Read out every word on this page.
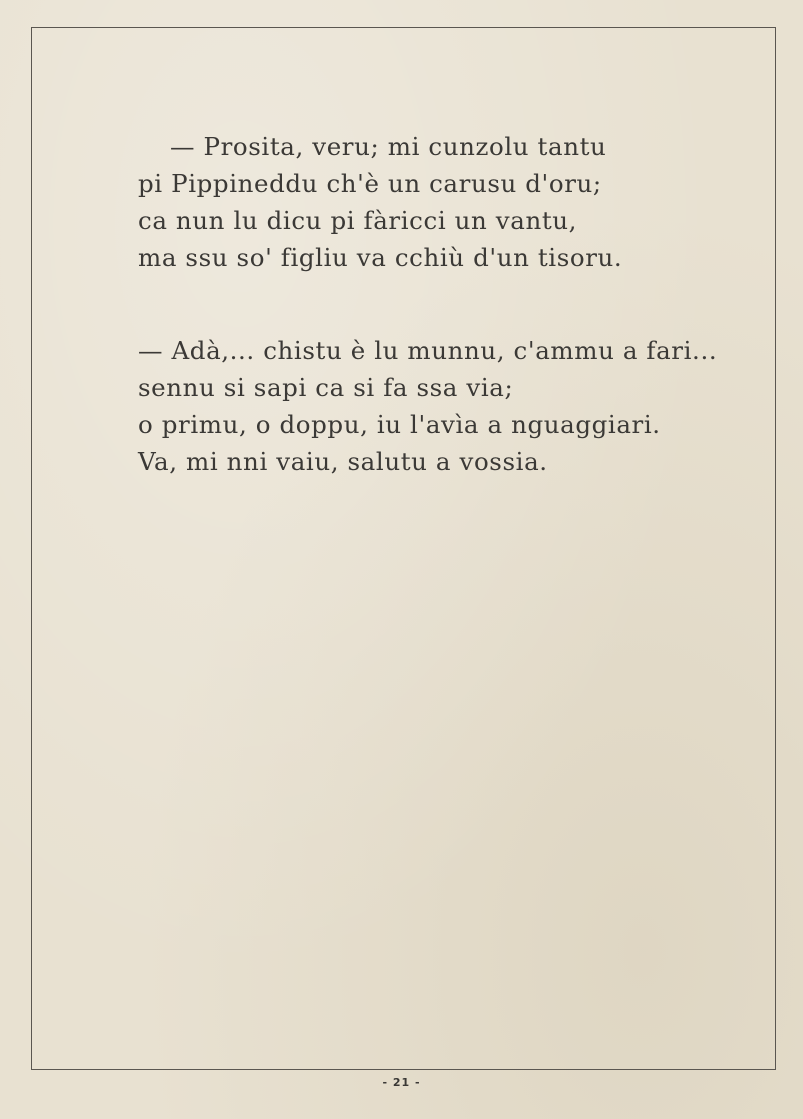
— Prosita, veru; mi cunzolu tantu
pi Pippineddu ch'è un carusu d'oru;
ca nun lu dicu pi fàricci un vantu,
ma ssu so' figliu va cchiù d'un tisoru.
— Adà,... chistu è lu munnu, c'ammu a fari...
sennu si sapi ca si fa ssa via;
o primu, o doppu, iu l'avìa a nguaggiari.
Va, mi nni vaiu, salutu a vossia.
- 21 -
